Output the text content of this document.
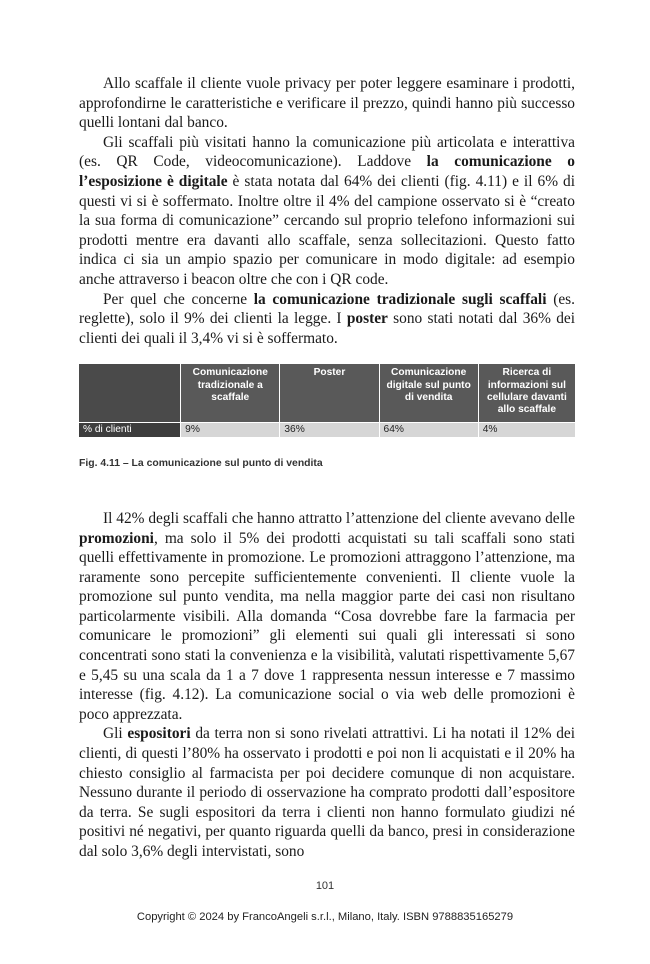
Allo scaffale il cliente vuole privacy per poter leggere esaminare i prodotti, approfondirne le caratteristiche e verificare il prezzo, quindi hanno più successo quelli lontani dal banco.

Gli scaffali più visitati hanno la comunicazione più articolata e interattiva (es. QR Code, videocomunicazione). Laddove la comunicazione o l’esposizione è digitale è stata notata dal 64% dei clienti (fig. 4.11) e il 6% di questi vi si è soffermato. Inoltre oltre il 4% del campione osservato si è “creato la sua forma di comunicazione” cercando sul proprio telefono informazioni sui prodotti mentre era davanti allo scaffale, senza sollecitazioni. Questo fatto indica ci sia un ampio spazio per comunicare in modo digitale: ad esempio anche attraverso i beacon oltre che con i QR code.

Per quel che concerne la comunicazione tradizionale sugli scaffali (es. reglette), solo il 9% dei clienti la legge. I poster sono stati notati dal 36% dei clienti dei quali il 3,4% vi si è soffermato.

	Comunicazione tradizionale a scaffale	Poster	Comunicazione digitale sul punto di vendita	Ricerca di informazioni sul cellulare davanti allo scaffale
% di clienti	9%	36%	64%	4%
Fig. 4.11 – La comunicazione sul punto di vendita

Il 42% degli scaffali che hanno attratto l’attenzione del cliente avevano delle promozioni, ma solo il 5% dei prodotti acquistati su tali scaffali sono stati quelli effettivamente in promozione. Le promozioni attraggono l’attenzione, ma raramente sono percepite sufficientemente convenienti. Il cliente vuole la promozione sul punto vendita, ma nella maggior parte dei casi non risultano particolarmente visibili. Alla domanda “Cosa dovrebbe fare la farmacia per comunicare le promozioni” gli elementi sui quali gli interessati si sono concentrati sono stati la convenienza e la visibilità, valutati rispettivamente 5,67 e 5,45 su una scala da 1 a 7 dove 1 rappresenta nessun interesse e 7 massimo interesse (fig. 4.12). La comunicazione social o via web delle promozioni è poco apprezzata.

Gli espositori da terra non si sono rivelati attrattivi. Li ha notati il 12% dei clienti, di questi l’80% ha osservato i prodotti e poi non li acquistati e il 20% ha chiesto consiglio al farmacista per poi decidere comunque di non acquistare. Nessuno durante il periodo di osservazione ha comprato prodotti dall’espositore da terra. Se sugli espositori da terra i clienti non hanno formulato giudizi né positivi né negativi, per quanto riguarda quelli da banco, presi in considerazione dal solo 3,6% degli intervistati, sono

101
Copyright © 2024 by FrancoAngeli s.r.l., Milano, Italy. ISBN 9788835165279
